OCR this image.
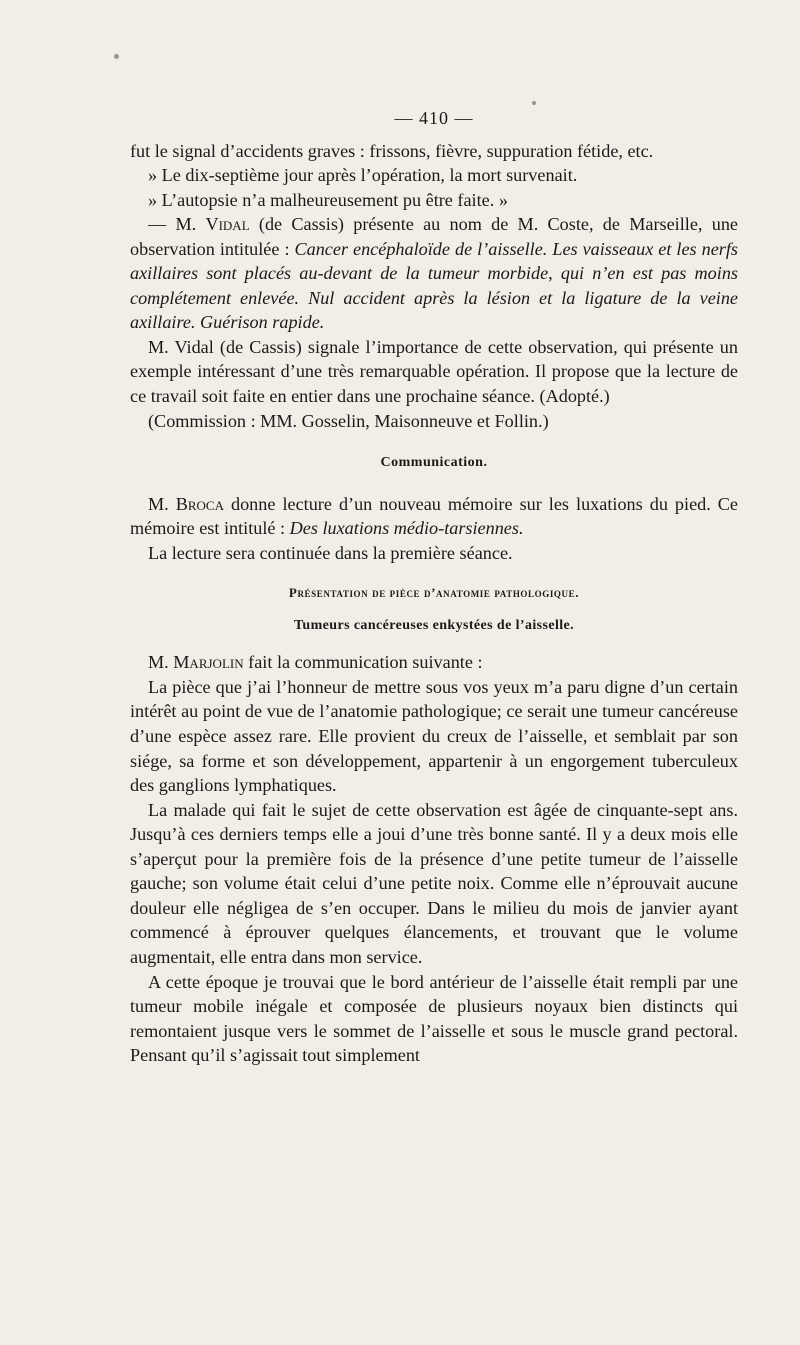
— 410 —

fut le signal d’accidents graves : frissons, fièvre, suppuration fétide, etc.

» Le dix-septième jour après l’opération, la mort survenait.

» L’autopsie n’a malheureusement pu être faite. »

— M. Vidal (de Cassis) présente au nom de M. Coste, de Marseille, une observation intitulée : Cancer encéphaloïde de l’aisselle. Les vaisseaux et les nerfs axillaires sont placés au-devant de la tumeur morbide, qui n’en est pas moins complétement enlevée. Nul accident après la lésion et la ligature de la veine axillaire. Guérison rapide.

M. Vidal (de Cassis) signale l’importance de cette observation, qui présente un exemple intéressant d’une très remarquable opération. Il propose que la lecture de ce travail soit faite en entier dans une prochaine séance. (Adopté.)

(Commission : MM. Gosselin, Maisonneuve et Follin.)

Communication.

M. Broca donne lecture d’un nouveau mémoire sur les luxations du pied. Ce mémoire est intitulé : Des luxations médio-tarsiennes.

La lecture sera continuée dans la première séance.

Présentation de pièce d’anatomie pathologique.
Tumeurs cancéreuses enkystées de l’aisselle.

M. Marjolin fait la communication suivante :

La pièce que j’ai l’honneur de mettre sous vos yeux m’a paru digne d’un certain intérêt au point de vue de l’anatomie pathologique; ce serait une tumeur cancéreuse d’une espèce assez rare. Elle provient du creux de l’aisselle, et semblait par son siége, sa forme et son développement, appartenir à un engorgement tuberculeux des ganglions lymphatiques.

La malade qui fait le sujet de cette observation est âgée de cinquante-sept ans. Jusqu’à ces derniers temps elle a joui d’une très bonne santé. Il y a deux mois elle s’aperçut pour la première fois de la présence d’une petite tumeur de l’aisselle gauche; son volume était celui d’une petite noix. Comme elle n’éprouvait aucune douleur elle négligea de s’en occuper. Dans le milieu du mois de janvier ayant commencé à éprouver quelques élancements, et trouvant que le volume augmentait, elle entra dans mon service.

A cette époque je trouvai que le bord antérieur de l’aisselle était rempli par une tumeur mobile inégale et composée de plusieurs noyaux bien distincts qui remontaient jusque vers le sommet de l’aisselle et sous le muscle grand pectoral. Pensant qu’il s’agissait tout simplement
